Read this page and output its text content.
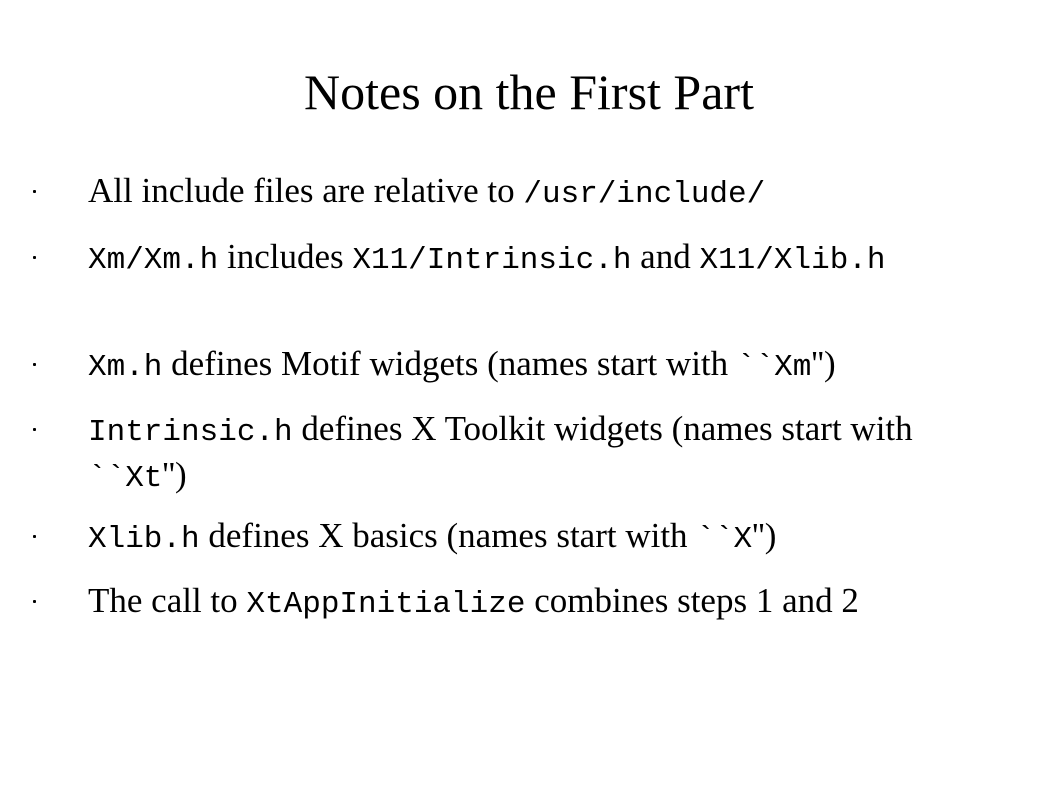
Notes on the First Part
All include files are relative to /usr/include/
Xm/Xm.h includes X11/Intrinsic.h and X11/Xlib.h
Xm.h defines Motif widgets (names start with ``Xm'')
Intrinsic.h defines X Toolkit widgets (names start with ``Xt'')
Xlib.h defines X basics (names start with ``X'')
The call to XtAppInitialize combines steps 1 and 2
